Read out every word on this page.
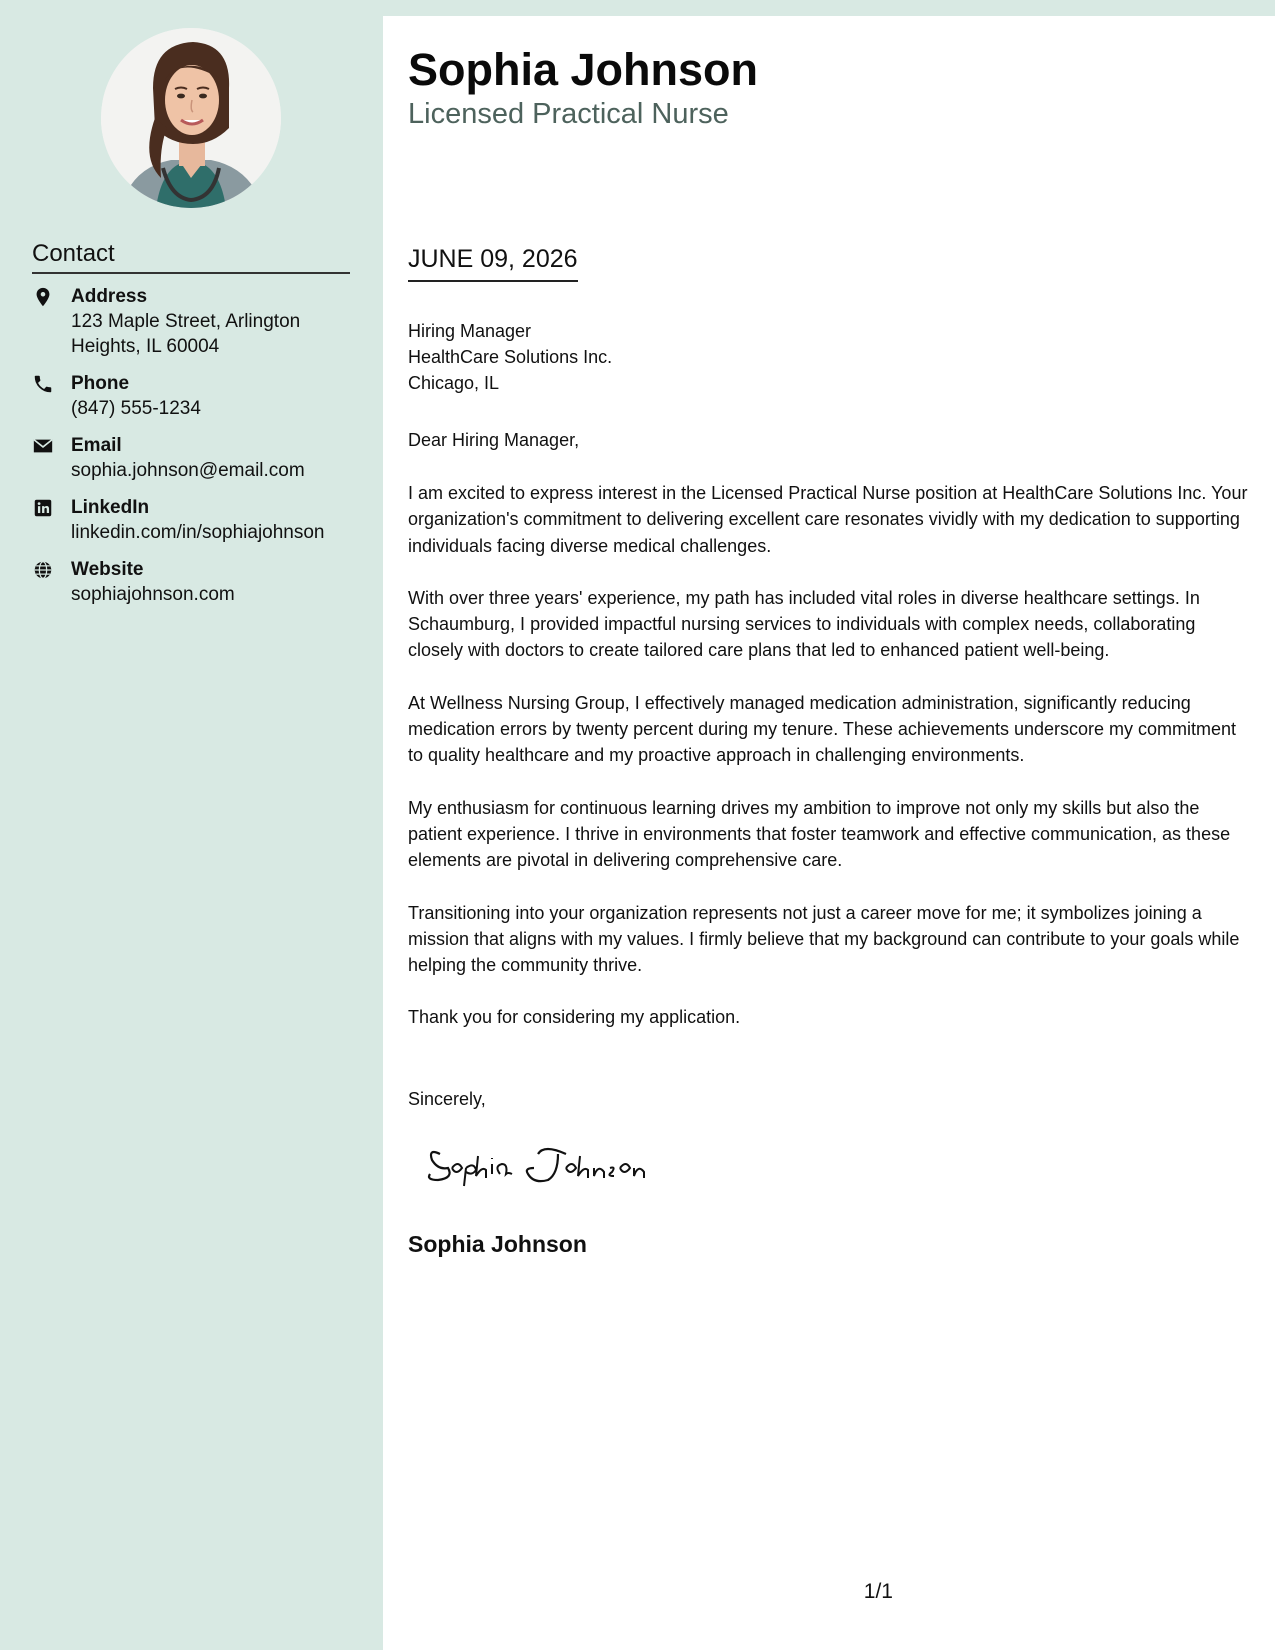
Contact
Address
123 Maple Street, Arlington Heights, IL 60004
Phone
(847) 555-1234
Email
sophia.johnson@email.com
LinkedIn
linkedin.com/in/sophiajohnson
Website
sophiajohnson.com
Sophia Johnson
Licensed Practical Nurse
JUNE 09, 2026
Hiring Manager
HealthCare Solutions Inc.
Chicago, IL
Dear Hiring Manager,

I am excited to express interest in the Licensed Practical Nurse position at HealthCare Solutions Inc. Your organization's commitment to delivering excellent care resonates vividly with my dedication to supporting individuals facing diverse medical challenges.

With over three years' experience, my path has included vital roles in diverse healthcare settings. In Schaumburg, I provided impactful nursing services to individuals with complex needs, collaborating closely with doctors to create tailored care plans that led to enhanced patient well-being.

At Wellness Nursing Group, I effectively managed medication administration, significantly reducing medication errors by twenty percent during my tenure. These achievements underscore my commitment to quality healthcare and my proactive approach in challenging environments.

My enthusiasm for continuous learning drives my ambition to improve not only my skills but also the patient experience. I thrive in environments that foster teamwork and effective communication, as these elements are pivotal in delivering comprehensive care.

Transitioning into your organization represents not just a career move for me; it symbolizes joining a mission that aligns with my values. I firmly believe that my background can contribute to your goals while helping the community thrive.

Thank you for considering my application.

Sincerely,
Sophia Johnson
1/1
